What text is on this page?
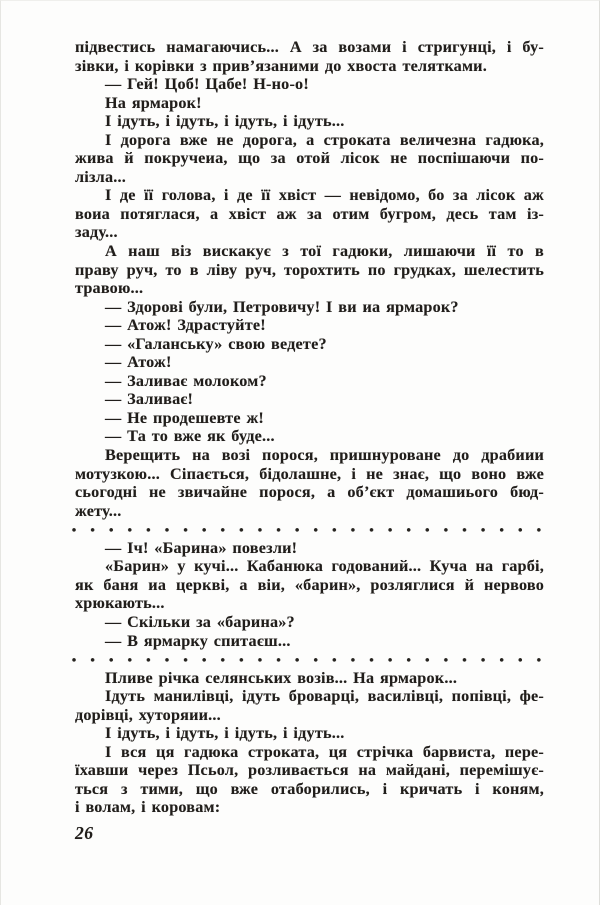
підвестись намагаючись... А за возами і стригунці, і бу-
зівки, і корівки з прив’язаними до хвоста телятками.
— Гей! Цоб! Цабе! Н-но-о!
На ярмарок!
І ідуть, і ідуть, і ідуть, і ідуть...
І дорога вже не дорога, а строката величезна гадюка,
жива й покручеиа, що за отой лісок не поспішаючи по-
лізла...
І де її голова, і де її хвіст — невідомо, бо за лісок аж
воиа потяглася, а хвіст аж за отим бугром, десь там із-
заду...
А наш віз вискакує з тої гадюки, лишаючи її то в
праву руч, то в ліву руч, торохтить по грудках, шелестить
травою...
— Здорові були, Петровичу! І ви иа ярмарок?
— Атож! Здрастуйте!
— «Галанську» свою ведете?
— Атож!
— Заливає молоком?
— Заливає!
— Не продешевте ж!
— Та то вже як буде...
Верещить на возі порося, пришнуроване до драбиии
мотузкою... Сіпається, бідолашне, і не знає, що воно вже
сьогодні не звичайне порося, а об’єкт домашиього бюд-
жету...
— Іч! «Барина» повезли!
«Барин» у кучі... Кабанюка годований... Куча на гарбі,
як баня иа церкві, а віи, «барин», розляглися й нервово
хрюкають...
— Скільки за «барина»?
— В ярмарку спитаєш...
Пливе річка селянських возів... На ярмарок...
Ідуть манилівці, ідуть броварці, василівці, попівці, фе-
дорівці, хуторяии...
І ідуть, і ідуть, і ідуть, і ідуть...
І вся ця гадюка строката, ця стрічка барвиста, пере-
їхавши через Псьол, розливається на майдані, перемішує-
ться з тими, що вже отаборились, і кричать і коням,
і волам, і коровам:
26
